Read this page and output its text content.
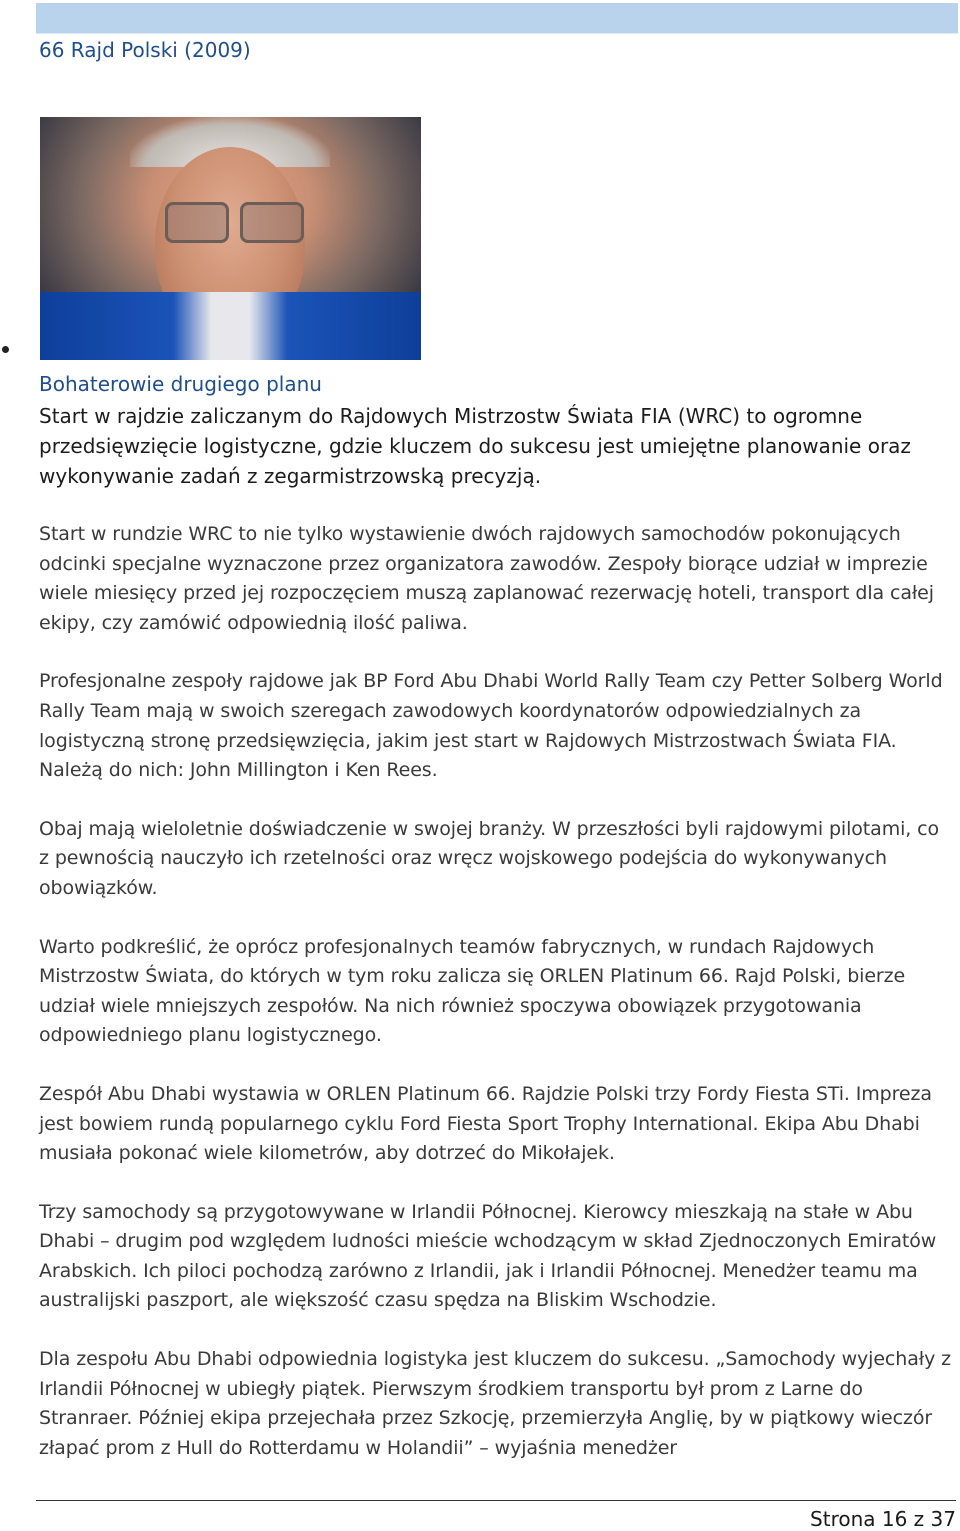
66 Rajd Polski (2009)
Bohaterowie drugiego planu
Start w rajdzie zaliczanym do Rajdowych Mistrzostw Świata FIA (WRC) to ogromne przedsięwzięcie logistyczne, gdzie kluczem do sukcesu jest umiejętne planowanie oraz wykonywanie zadań z zegarmistrzowską precyzją.

Start w rundzie WRC to nie tylko wystawienie dwóch rajdowych samochodów pokonujących odcinki specjalne wyznaczone przez organizatora zawodów. Zespoły biorące udział w imprezie wiele miesięcy przed jej rozpoczęciem muszą zaplanować rezerwację hoteli, transport dla całej ekipy, czy zamówić odpowiednią ilość paliwa.

Profesjonalne zespoły rajdowe jak BP Ford Abu Dhabi World Rally Team czy Petter Solberg World Rally Team mają w swoich szeregach zawodowych koordynatorów odpowiedzialnych za logistyczną stronę przedsięwzięcia, jakim jest start w Rajdowych Mistrzostwach Świata FIA. Należą do nich: John Millington i Ken Rees.

Obaj mają wieloletnie doświadczenie w swojej branży. W przeszłości byli rajdowymi pilotami, co z pewnością nauczyło ich rzetelności oraz wręcz wojskowego podejścia do wykonywanych obowiązków.

Warto podkreślić, że oprócz profesjonalnych teamów fabrycznych, w rundach Rajdowych Mistrzostw Świata, do których w tym roku zalicza się ORLEN Platinum 66. Rajd Polski, bierze udział wiele mniejszych zespołów. Na nich również spoczywa obowiązek przygotowania odpowiedniego planu logistycznego.

Zespół Abu Dhabi wystawia w ORLEN Platinum 66. Rajdzie Polski trzy Fordy Fiesta STi. Impreza jest bowiem rundą popularnego cyklu Ford Fiesta Sport Trophy International. Ekipa Abu Dhabi musiała pokonać wiele kilometrów, aby dotrzeć do Mikołajek.

Trzy samochody są przygotowywane w Irlandii Północnej. Kierowcy mieszkają na stałe w Abu Dhabi – drugim pod względem ludności mieście wchodzącym w skład Zjednoczonych Emiratów Arabskich. Ich piloci pochodzą zarówno z Irlandii, jak i Irlandii Północnej. Menedżer teamu ma australijski paszport, ale większość czasu spędza na Bliskim Wschodzie.

Dla zespołu Abu Dhabi odpowiednia logistyka jest kluczem do sukcesu. „Samochody wyjechały z Irlandii Północnej w ubiegły piątek. Pierwszym środkiem transportu był prom z Larne do Stranraer. Później ekipa przejechała przez Szkocję, przemierzyła Anglię, by w piątkowy wieczór złapać prom z Hull do Rotterdamu w Holandii” – wyjaśnia menedżer

Strona 16 z 37
